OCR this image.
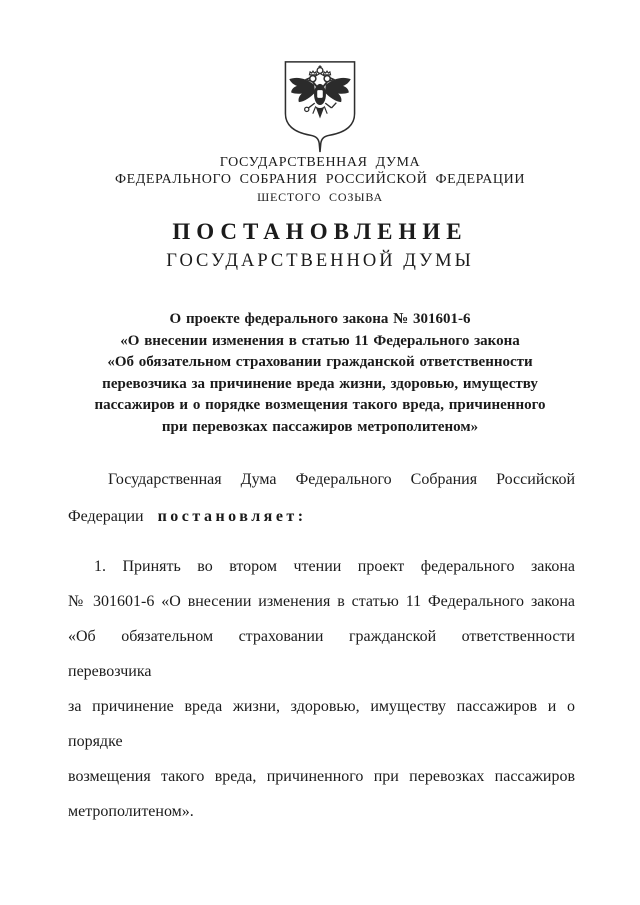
ГОСУДАРСТВЕННАЯ ДУМА
ФЕДЕРАЛЬНОГО СОБРАНИЯ РОССИЙСКОЙ ФЕДЕРАЦИИ
ШЕСТОГО СОЗЫВА
ПОСТАНОВЛЕНИЕ
ГОСУДАРСТВЕННОЙ ДУМЫ
О проекте федерального закона № 301601-6
«О внесении изменения в статью 11 Федерального закона
«Об обязательном страховании гражданской ответственности
перевозчика за причинение вреда жизни, здоровью, имуществу
пассажиров и о порядке возмещения такого вреда, причиненного
при перевозках пассажиров метрополитеном»
Государственная Дума Федерального Собрания Российской
Федерации постановляет:
1. Принять во втором чтении проект федерального закона
№ 301601-6 «О внесении изменения в статью 11 Федерального закона
«Об обязательном страховании гражданской ответственности перевозчика
за причинение вреда жизни, здоровью, имуществу пассажиров и о порядке
возмещения такого вреда, причиненного при перевозках пассажиров
метрополитеном».
